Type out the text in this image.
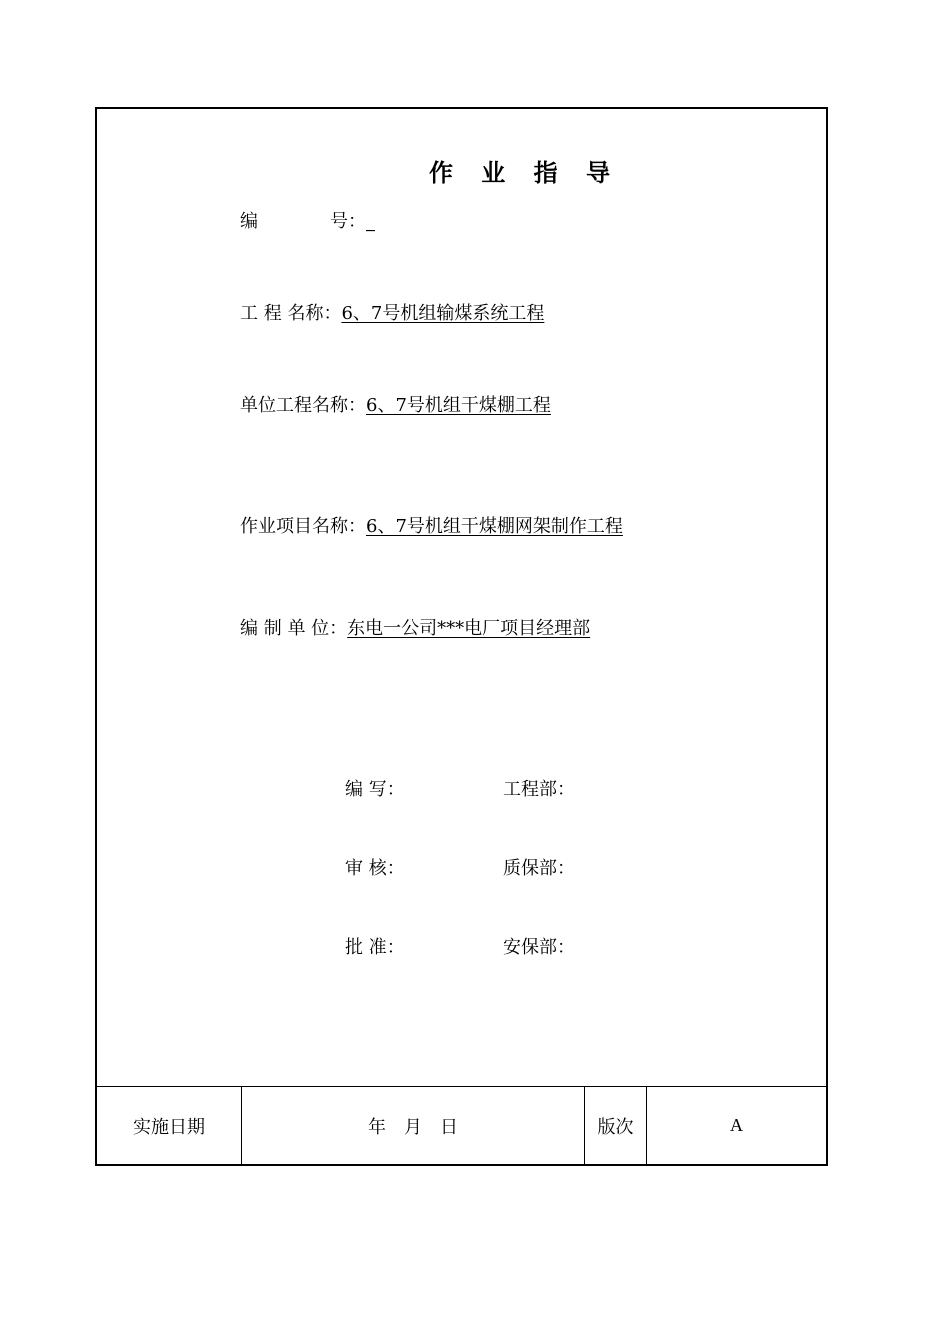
作 业 指 导
编　　　　号：_
工 程 名称：6、7号机组输煤系统工程
单位工程名称：6、7号机组干煤棚工程
作业项目名称：6、7号机组干煤棚网架制作工程
编 制 单 位：东电一公司***电厂项目经理部
编 写：	工程部：
审 核：	质保部：
批 准：	安保部：
实施日期	年　月　日	版次	A
